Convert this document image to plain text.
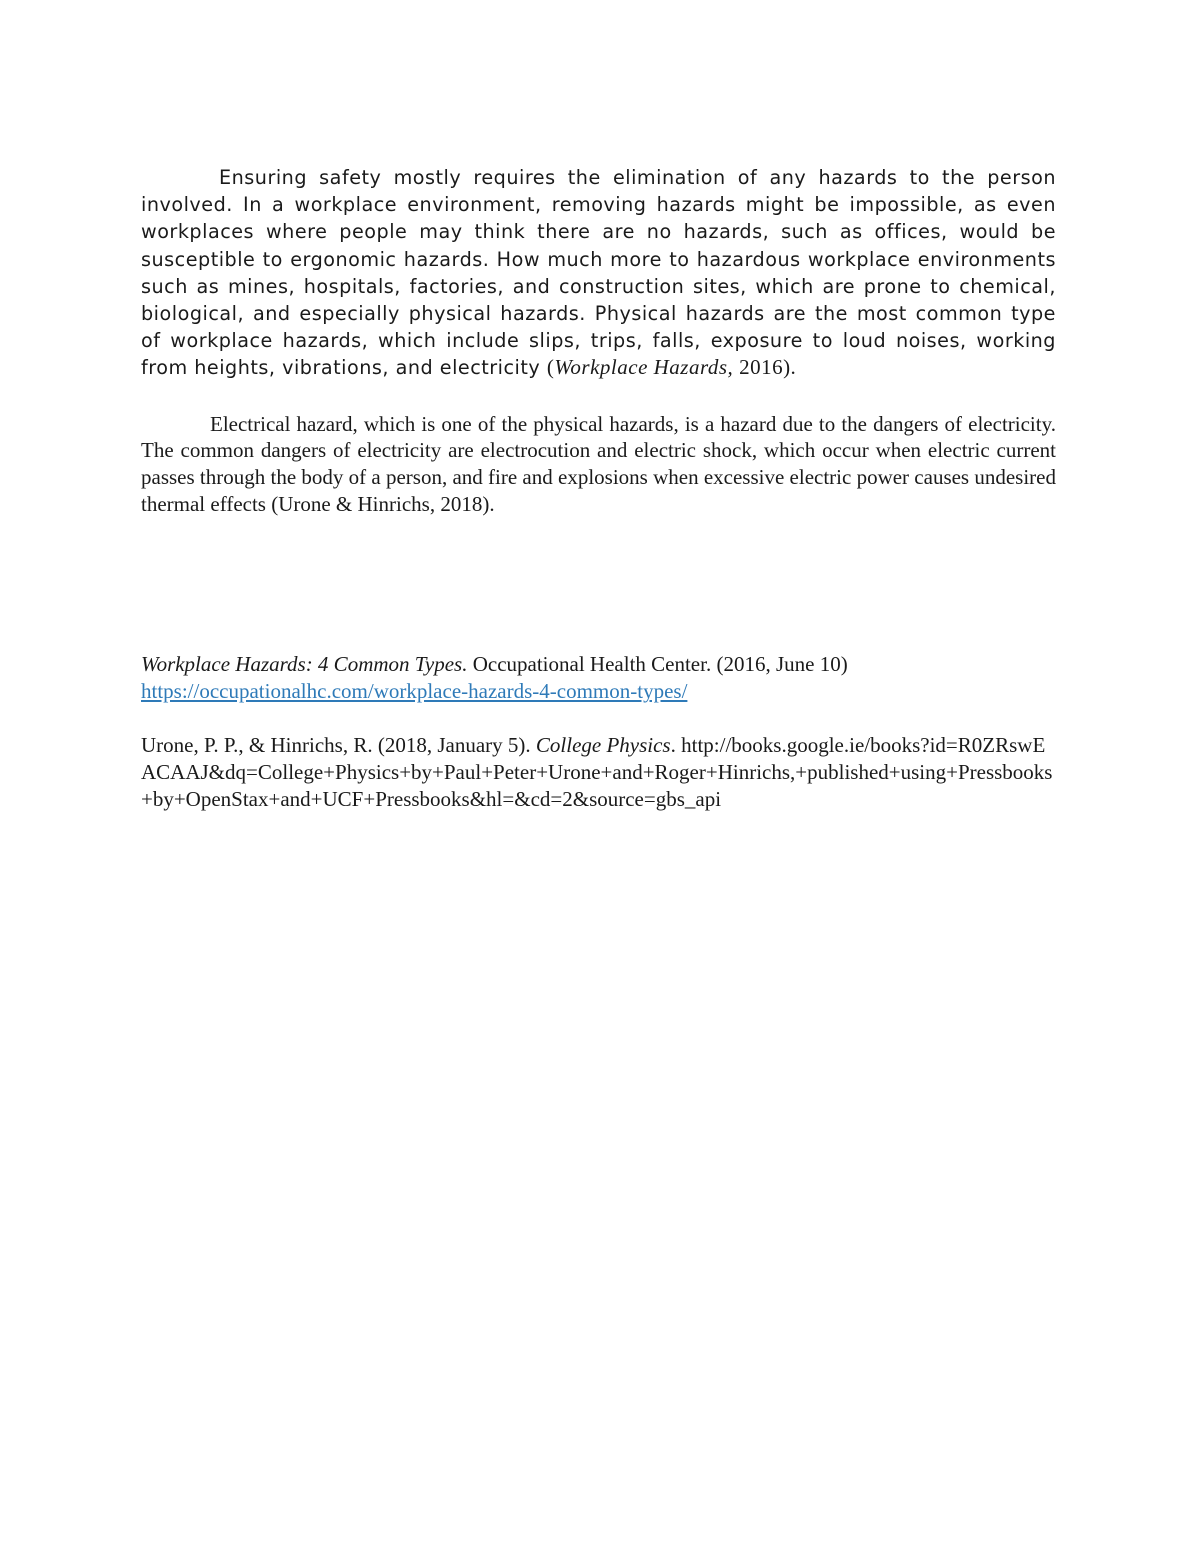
Ensuring safety mostly requires the elimination of any hazards to the person involved. In a workplace environment, removing hazards might be impossible, as even workplaces where people may think there are no hazards, such as offices, would be susceptible to ergonomic hazards. How much more to hazardous workplace environments such as mines, hospitals, factories, and construction sites, which are prone to chemical, biological, and especially physical hazards. Physical hazards are the most common type of workplace hazards, which include slips, trips, falls, exposure to loud noises, working from heights, vibrations, and electricity (Workplace Hazards, 2016).

Electrical hazard, which is one of the physical hazards, is a hazard due to the dangers of electricity. The common dangers of electricity are electrocution and electric shock, which occur when electric current passes through the body of a person, and fire and explosions when excessive electric power causes undesired thermal effects (Urone & Hinrichs, 2018).

Workplace Hazards: 4 Common Types. Occupational Health Center. (2016, June 10)
https://occupationalhc.com/workplace-hazards-4-common-types/

Urone, P. P., & Hinrichs, R. (2018, January 5). College Physics. http://books.google.ie/books?id=R0ZRswEACAAJ&dq=College+Physics+by+Paul+Peter+Urone+and+Roger+Hinrichs,+published+using+Pressbooks+by+OpenStax+and+UCF+Pressbooks&hl=&cd=2&source=gbs_api
